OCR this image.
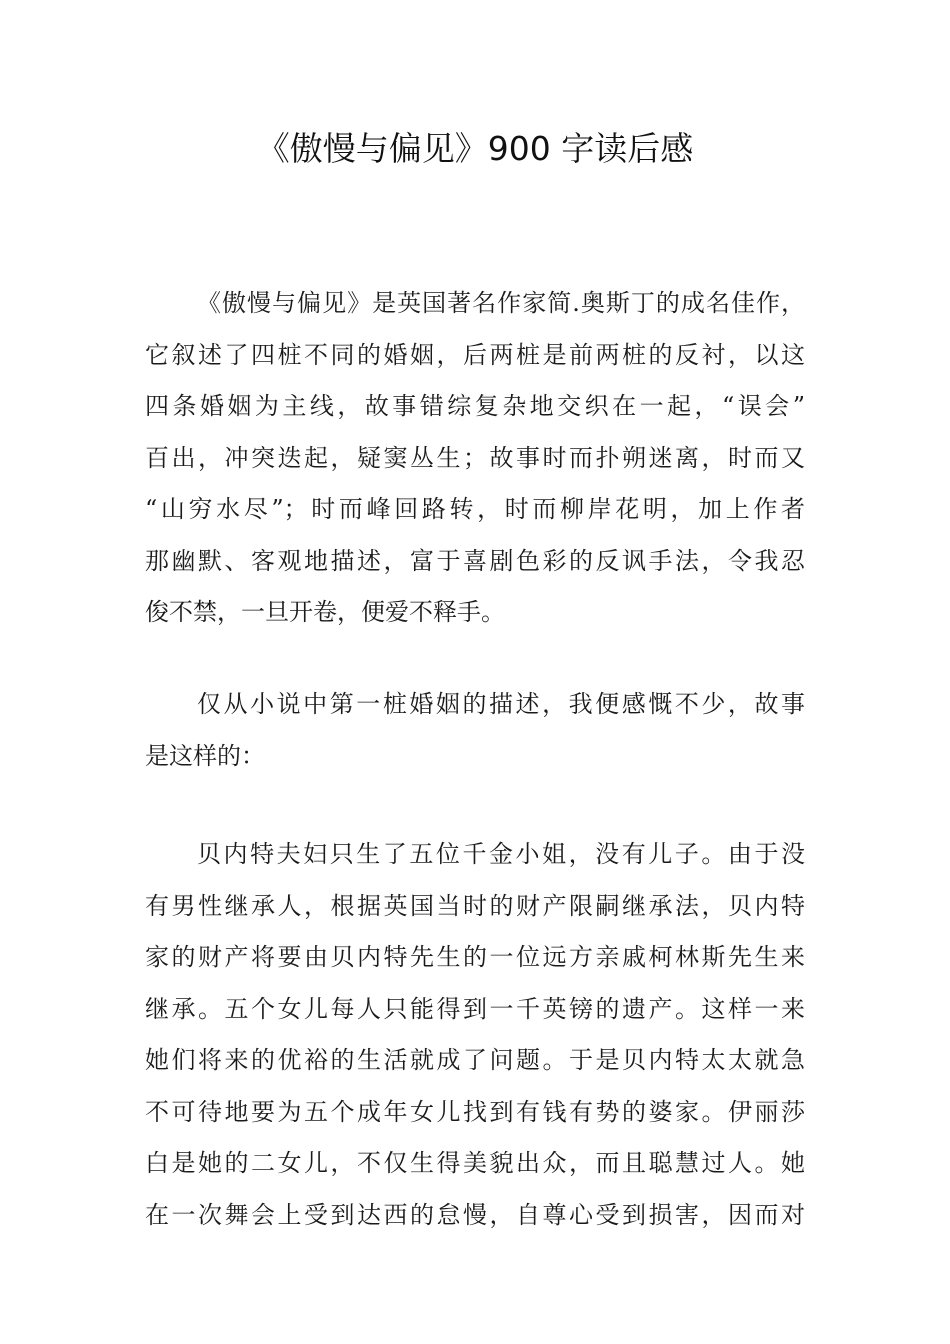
《傲慢与偏见》900 字读后感
《傲慢与偏见》是英国著名作家简.奥斯丁的成名佳作，
它叙述了四桩不同的婚姻，后两桩是前两桩的反衬，以这
四条婚姻为主线，故事错综复杂地交织在一起，“误会”
百出，冲突迭起，疑窦丛生；故事时而扑朔迷离，时而又
“山穷水尽”；时而峰回路转，时而柳岸花明，加上作者
那幽默、客观地描述，富于喜剧色彩的反讽手法，令我忍
俊不禁，一旦开卷，便爱不释手。
仅从小说中第一桩婚姻的描述，我便感慨不少，故事
是这样的：
贝内特夫妇只生了五位千金小姐，没有儿子。由于没
有男性继承人，根据英国当时的财产限嗣继承法，贝内特
家的财产将要由贝内特先生的一位远方亲戚柯林斯先生来
继承。五个女儿每人只能得到一千英镑的遗产。这样一来
她们将来的优裕的生活就成了问题。于是贝内特太太就急
不可待地要为五个成年女儿找到有钱有势的婆家。伊丽莎
白是她的二女儿，不仅生得美貌出众，而且聪慧过人。她
在一次舞会上受到达西的怠慢，自尊心受到损害，因而对
